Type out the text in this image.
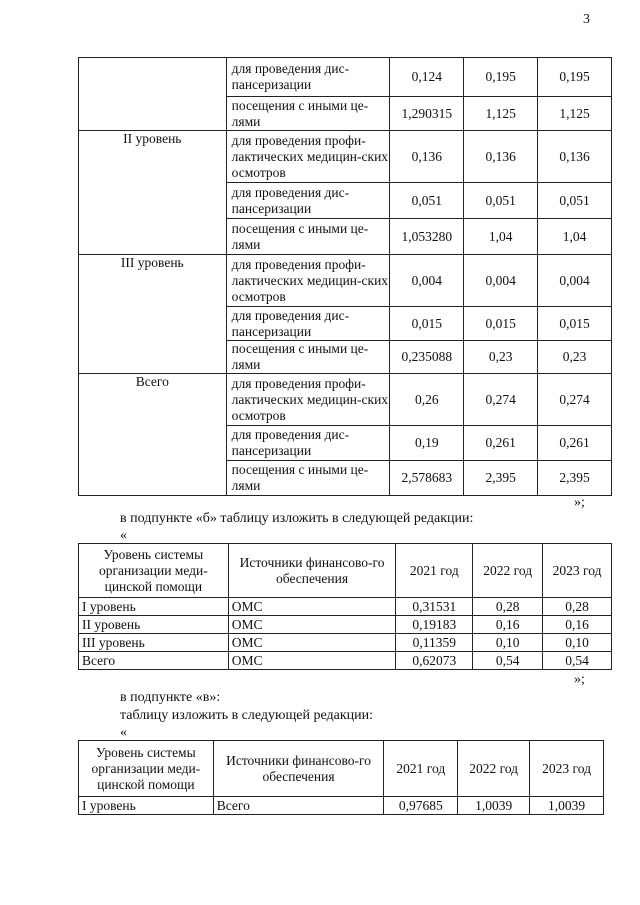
3
	для проведения дис-пансеризации	0,124	0,195	0,195
	посещения с иными це-лями	1,290315	1,125	1,125
II уровень	для проведения профи-лактических медицин-ских осмотров	0,136	0,136	0,136
	для проведения дис-пансеризации	0,051	0,051	0,051
	посещения с иными це-лями	1,053280	1,04	1,04
III уровень	для проведения профи-лактических медицин-ских осмотров	0,004	0,004	0,004
	для проведения дис-пансеризации	0,015	0,015	0,015
	посещения с иными це-лями	0,235088	0,23	0,23
Всего	для проведения профи-лактических медицин-ских осмотров	0,26	0,274	0,274
	для проведения дис-пансеризации	0,19	0,261	0,261
	посещения с иными це-лями	2,578683	2,395	2,395
»;
в подпункте «б» таблицу изложить в следующей редакции:
«
Уровень системы организации меди-цинской помощи	Источники финансово-го обеспечения	2021 год	2022 год	2023 год
I уровень	ОМС	0,31531	0,28	0,28
II уровень	ОМС	0,19183	0,16	0,16
III уровень	ОМС	0,11359	0,10	0,10
Всего	ОМС	0,62073	0,54	0,54
»;
в подпункте «в»:
таблицу изложить в следующей редакции:
«
Уровень системы организации меди-цинской помощи	Источники финансово-го обеспечения	2021 год	2022 год	2023 год
I уровень	Всего	0,97685	1,0039	1,0039
